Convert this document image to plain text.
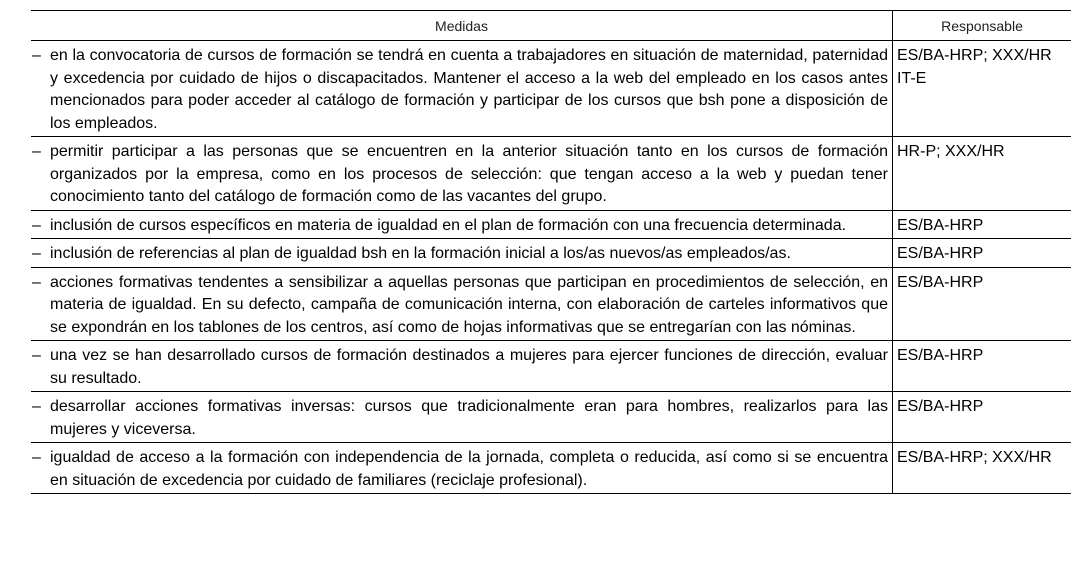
Medidas	Responsable

– en la convocatoria de cursos de formación se tendrá en cuenta a trabajadores en situación de maternidad, paternidad y excedencia por cuidado de hijos o discapacitados. Mantener el acceso a la web del empleado en los casos antes mencionados para poder acceder al catálogo de formación y participar de los cursos que bsh pone a disposición de los empleados.	ES/BA-HRP; XXX/HR
IT-E

– permitir participar a las personas que se encuentren en la anterior situación tanto en los cursos de formación organizados por la empresa, como en los procesos de selección: que tengan acceso a la web y puedan tener conocimiento tanto del catálogo de formación como de las vacantes del grupo.	HR-P; XXX/HR

– inclusión de cursos específicos en materia de igualdad en el plan de formación con una frecuencia determinada.	ES/BA-HRP

– inclusión de referencias al plan de igualdad bsh en la formación inicial a los/as nuevos/as empleados/as.	ES/BA-HRP

– acciones formativas tendentes a sensibilizar a aquellas personas que participan en procedimientos de selección, en materia de igualdad. En su defecto, campaña de comunicación interna, con elaboración de carteles informativos que se expondrán en los tablones de los centros, así como de hojas informativas que se entregarían con las nóminas.	ES/BA-HRP

– una vez se han desarrollado cursos de formación destinados a mujeres para ejercer funciones de dirección, evaluar su resultado.	ES/BA-HRP

– desarrollar acciones formativas inversas: cursos que tradicionalmente eran para hombres, realizarlos para las mujeres y viceversa.	ES/BA-HRP

– igualdad de acceso a la formación con independencia de la jornada, completa o reducida, así como si se encuentra en situación de excedencia por cuidado de familiares (reciclaje profesional).	ES/BA-HRP; XXX/HR
